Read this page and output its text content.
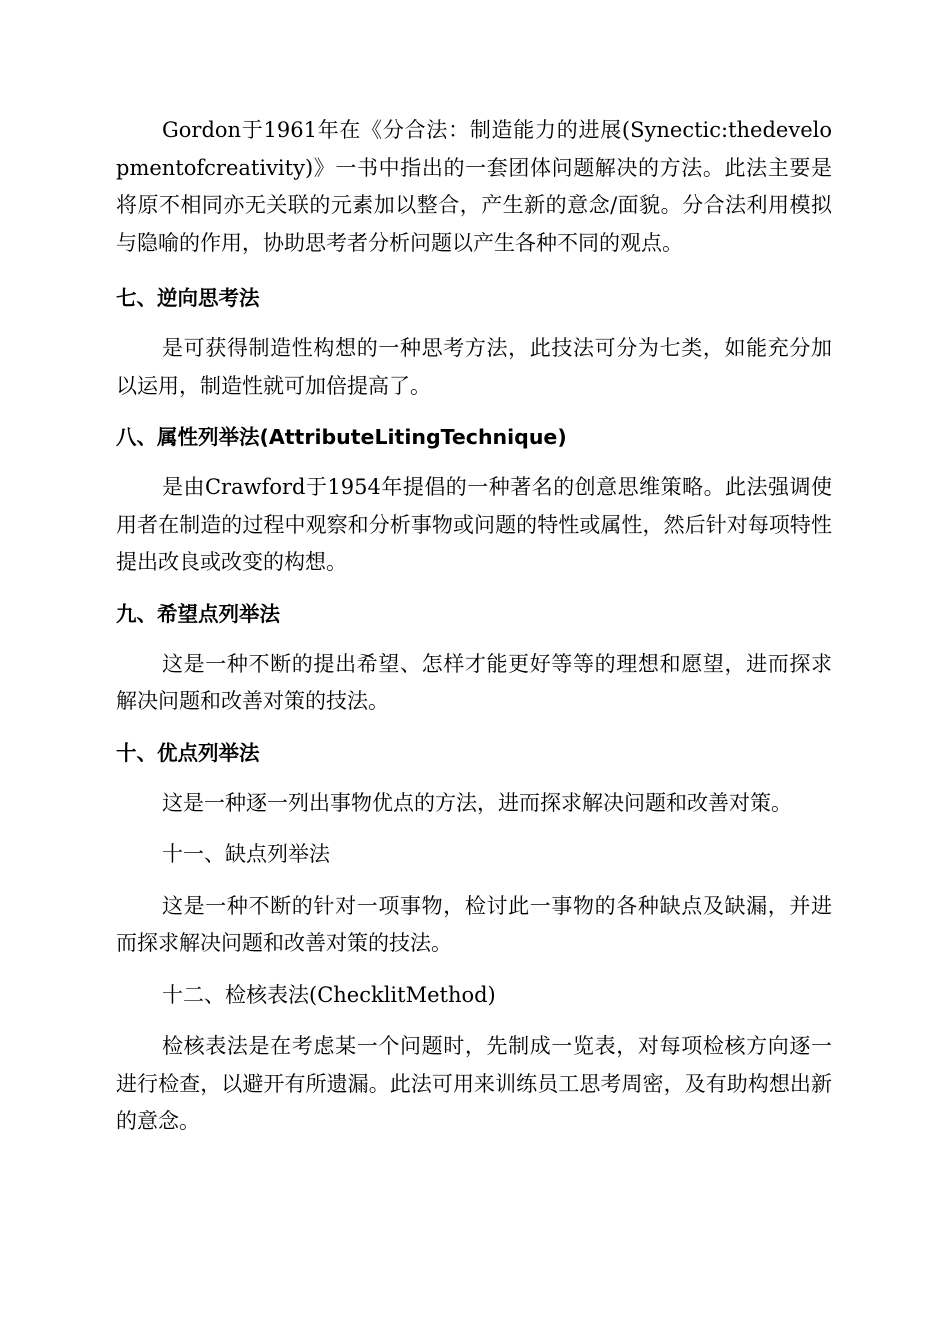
Gordon于1961年在《分合法：制造能力的进展(Synectic:thedevelopmentofcreativity)》一书中指出的一套团体问题解决的方法。此法主要是将原不相同亦无关联的元素加以整合，产生新的意念/面貌。分合法利用模拟与隐喻的作用，协助思考者分析问题以产生各种不同的观点。

七、逆向思考法

是可获得制造性构想的一种思考方法，此技法可分为七类，如能充分加以运用，制造性就可加倍提高了。

八、属性列举法(AttributeLitingTechnique)

是由Crawford于1954年提倡的一种著名的创意思维策略。此法强调使用者在制造的过程中观察和分析事物或问题的特性或属性，然后针对每项特性提出改良或改变的构想。

九、希望点列举法

这是一种不断的提出希望、怎样才能更好等等的理想和愿望，进而探求解决问题和改善对策的技法。

十、优点列举法

这是一种逐一列出事物优点的方法，进而探求解决问题和改善对策。

十一、缺点列举法

这是一种不断的针对一项事物，检讨此一事物的各种缺点及缺漏，并进而探求解决问题和改善对策的技法。

十二、检核表法(ChecklitMethod)

检核表法是在考虑某一个问题时，先制成一览表，对每项检核方向逐一进行检查，以避开有所遗漏。此法可用来训练员工思考周密，及有助构想出新的意念。
